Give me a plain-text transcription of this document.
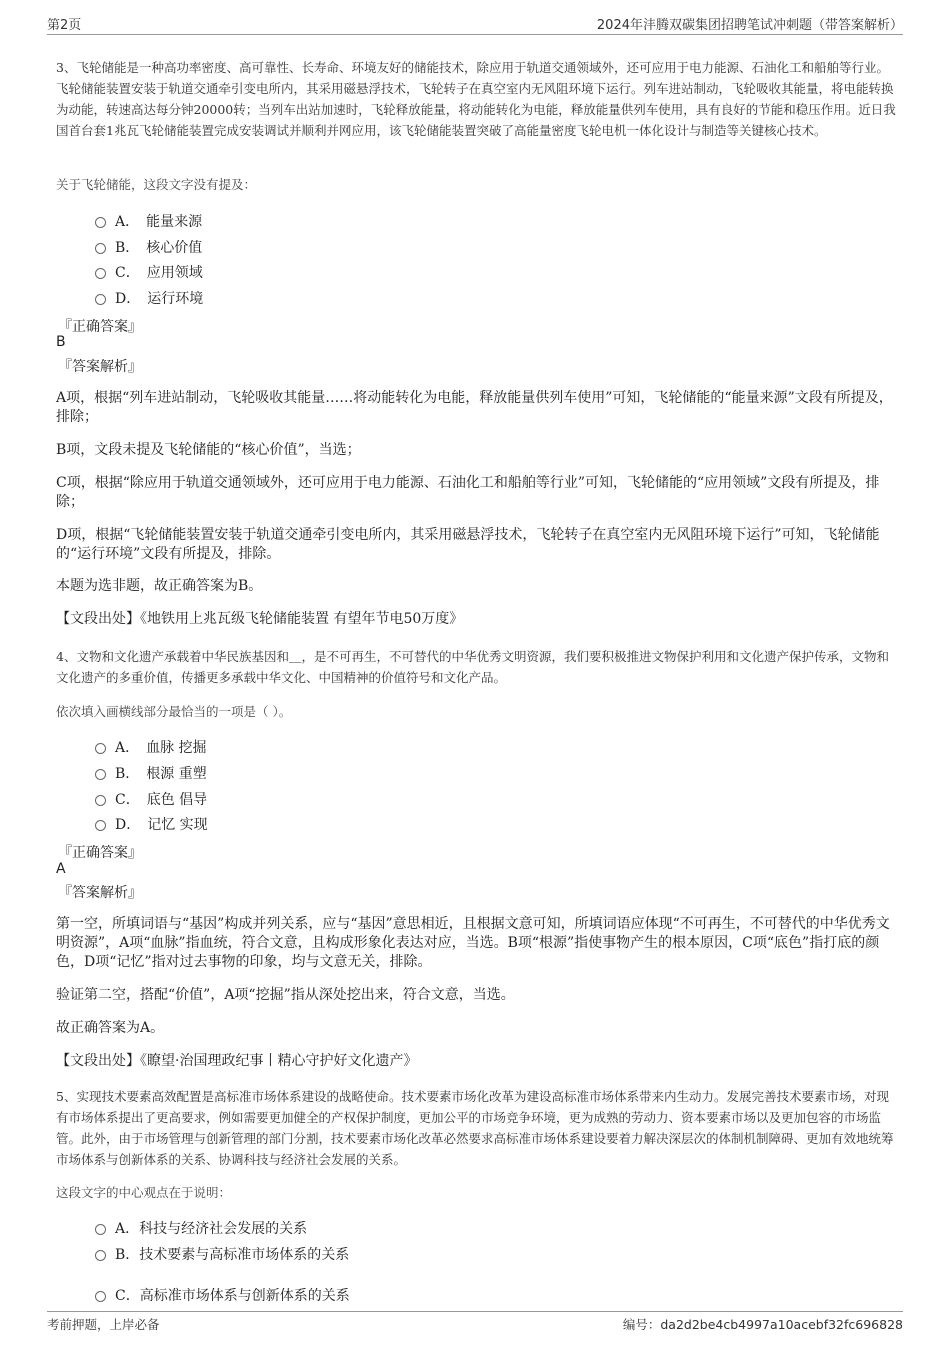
第2页	2024年沣腾双碳集团招聘笔试冲刺题（带答案解析）
3、飞轮储能是一种高功率密度、高可靠性、长寿命、环境友好的储能技术，除应用于轨道交通领域外，还可应用于电力能源、石油化工和船舶等行业。飞轮储能装置安装于轨道交通牵引变电所内，其采用磁悬浮技术，飞轮转子在真空室内无风阻环境下运行。列车进站制动，飞轮吸收其能量，将电能转换为动能，转速高达每分钟20000转；当列车出站加速时，飞轮释放能量，将动能转化为电能，释放能量供列车使用，具有良好的节能和稳压作用。近日我国首台套1兆瓦飞轮储能装置完成安装调试并顺利并网应用，该飞轮储能装置突破了高能量密度飞轮电机一体化设计与制造等关键核心技术。
关于飞轮储能，这段文字没有提及：
A．　能量来源
B．　核心价值
C．　应用领域
D．　运行环境
『正确答案』
B
『答案解析』
A项，根据“列车进站制动，飞轮吸收其能量……将动能转化为电能，释放能量供列车使用”可知，飞轮储能的“能量来源”文段有所提及，排除；
B项，文段未提及飞轮储能的“核心价值”，当选；
C项，根据“除应用于轨道交通领域外，还可应用于电力能源、石油化工和船舶等行业”可知，飞轮储能的“应用领域”文段有所提及，排除；
D项，根据“飞轮储能装置安装于轨道交通牵引变电所内，其采用磁悬浮技术，飞轮转子在真空室内无风阻环境下运行”可知，飞轮储能的“运行环境”文段有所提及，排除。
本题为选非题，故正确答案为B。
【文段出处】《地铁用上兆瓦级飞轮储能装置 有望年节电50万度》
4、文物和文化遗产承载着中华民族基因和＿，是不可再生，不可替代的中华优秀文明资源，我们要积极推进文物保护利用和文化遗产保护传承，文物和文化遗产的多重价值，传播更多承载中华文化、中国精神的价值符号和文化产品。
依次填入画横线部分最恰当的一项是（ ）。
A．　血脉 挖掘
B．　根源 重塑
C．　底色 倡导
D．　记忆 实现
『正确答案』
A
『答案解析』
第一空，所填词语与“基因”构成并列关系，应与“基因”意思相近，且根据文意可知，所填词语应体现“不可再生，不可替代的中华优秀文明资源”，A项“血脉”指血统，符合文意，且构成形象化表达对应，当选。B项“根源”指使事物产生的根本原因，C项“底色”指打底的颜色，D项“记忆”指对过去事物的印象，均与文意无关，排除。
验证第二空，搭配“价值”，A项“挖掘”指从深处挖出来，符合文意，当选。
故正确答案为A。
【文段出处】《瞭望·治国理政纪事丨精心守护好文化遗产》
5、实现技术要素高效配置是高标准市场体系建设的战略使命。技术要素市场化改革为建设高标准市场体系带来内生动力。发展完善技术要素市场，对现有市场体系提出了更高要求，例如需要更加健全的产权保护制度，更加公平的市场竞争环境，更为成熟的劳动力、资本要素市场以及更加包容的市场监管。此外，由于市场管理与创新管理的部门分割，技术要素市场化改革必然要求高标准市场体系建设要着力解决深层次的体制机制障碍、更加有效地统筹市场体系与创新体系的关系、协调科技与经济社会发展的关系。
这段文字的中心观点在于说明：
A．科技与经济社会发展的关系
B．技术要素与高标准市场体系的关系
C．高标准市场体系与创新体系的关系
考前押题，上岸必备	编号：da2d2be4cb4997a10acebf32fc696828
